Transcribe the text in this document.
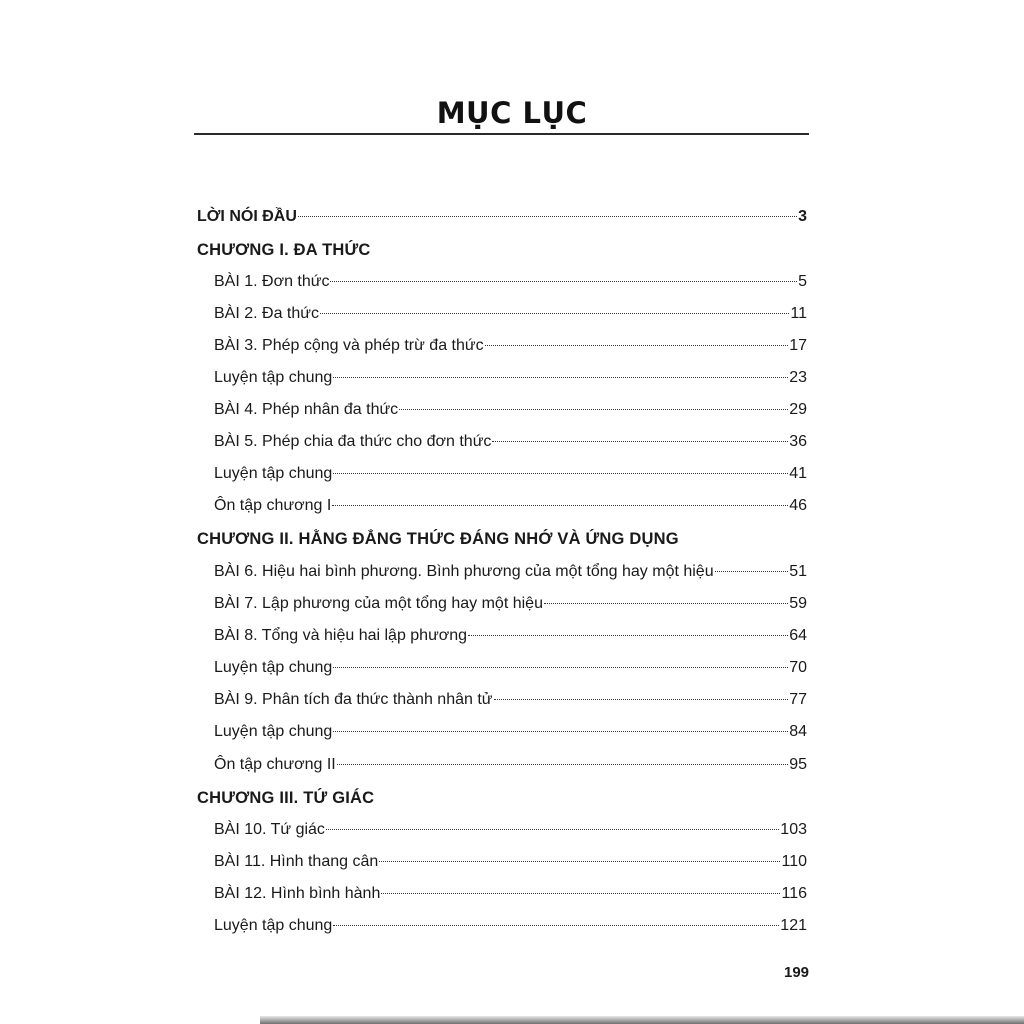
MỤC LỤC
LỜI NÓI ĐẦU	3
CHƯƠNG I. ĐA THỨC
BÀI 1. Đơn thức	5
BÀI 2. Đa thức	11
BÀI 3. Phép cộng và phép trừ đa thức	17
Luyện tập chung	23
BÀI 4. Phép nhân đa thức	29
BÀI 5. Phép chia đa thức cho đơn thức	36
Luyện tập chung	41
Ôn tập chương I	46
CHƯƠNG II. HẰNG ĐẲNG THỨC ĐÁNG NHỚ VÀ ỨNG DỤNG
BÀI 6. Hiệu hai bình phương. Bình phương của một tổng hay một hiệu	51
BÀI 7. Lập phương của một tổng hay một hiệu	59
BÀI 8. Tổng và hiệu hai lập phương	64
Luyện tập chung	70
BÀI 9. Phân tích đa thức thành nhân tử	77
Luyện tập chung	84
Ôn tập chương II	95
CHƯƠNG III. TỨ GIÁC
BÀI 10. Tứ giác	103
BÀI 11. Hình thang cân	110
BÀI 12. Hình bình hành	116
Luyện tập chung	121
199
